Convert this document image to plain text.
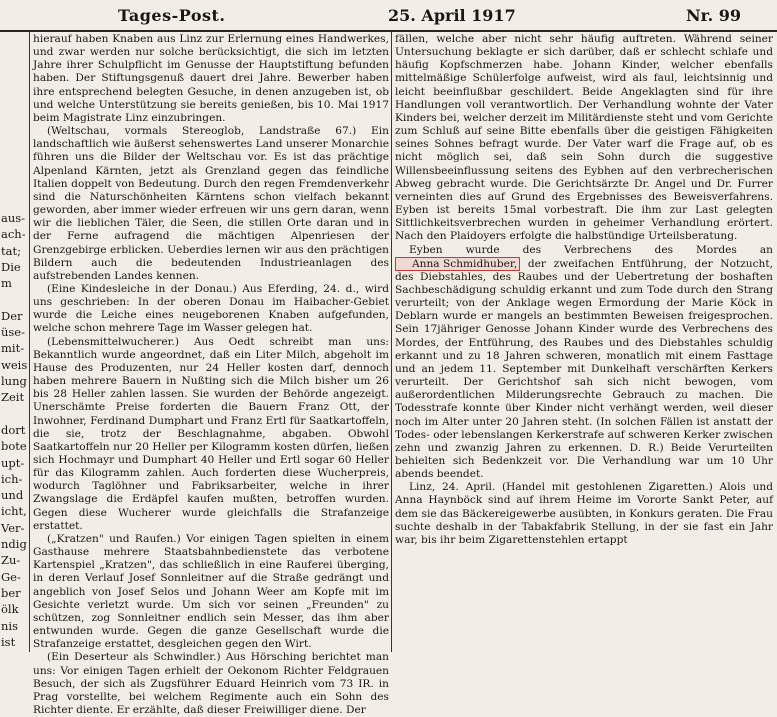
Tages-Post.	25. April 1917	Nr. 99
aus-
ach-
tat;
Die
m
Der
üse-
mit-
weis
lung
Zeit
dort
bote
upt-
ich-
und
icht,
Ver-
ndig
Zu-
Ge-
ber
ölk
nis
ist

hierauf haben Knaben aus Linz zur Erlernung eines Handwerkes, und zwar werden nur solche berücksichtigt, die sich im letzten Jahre ihrer Schulpflicht im Genusse der Hauptstiftung befunden haben. Der Stiftungsgenuß dauert drei Jahre. Bewerber haben ihre entsprechend belegten Gesuche, in denen anzugeben ist, ob und welche Unterstützung sie bereits genießen, bis 10. Mai 1917 beim Magistrate Linz einzubringen.

(Weltschau, vormals Stereoglob, Landstraße 67.) Ein landschaftlich wie äußerst sehenswertes Land unserer Monarchie führen uns die Bilder der Weltschau vor. Es ist das prächtige Alpenland Kärnten, jetzt als Grenzland gegen das feindliche Italien doppelt von Bedeutung. Durch den regen Fremdenverkehr sind die Naturschönheiten Kärntens schon vielfach bekannt geworden, aber immer wieder erfreuen wir uns gern daran, wenn wir die lieblichen Täler, die Seen, die stillen Orte daran und in der Ferne aufragend die mächtigen Alpenriesen der Grenzgebirge erblicken. Ueberdies lernen wir aus den prächtigen Bildern auch die bedeutenden Industrieanlagen des aufstrebenden Landes kennen.

(Eine Kindesleiche in der Donau.) Aus Eferding, 24. d., wird uns geschrieben: In der oberen Donau im Haibacher-Gebiet wurde die Leiche eines neugeborenen Knaben aufgefunden, welche schon mehrere Tage im Wasser gelegen hat.

(Lebensmittelwucherer.) Aus Oedt schreibt man uns: Bekanntlich wurde angeordnet, daß ein Liter Milch, abgeholt im Hause des Produzenten, nur 24 Heller kosten darf, dennoch haben mehrere Bauern in Nußting sich die Milch bisher um 26 bis 28 Heller zahlen lassen. Sie wurden der Behörde angezeigt. Unerschämte Preise forderten die Bauern Franz Ott, der Inwohner, Ferdinand Dumphart und Franz Ertl für Saatkartoffeln, die sie, trotz der Beschlagnahme, abgaben. Obwohl Saatkartoffeln nur 20 Heller per Kilogramm kosten dürfen, ließen sich Hochmayr und Dumphart 40 Heller und Ertl sogar 60 Heller für das Kilogramm zahlen. Auch forderten diese Wucherpreis, wodurch Taglöhner und Fabriksarbeiter, welche in ihrer Zwangslage die Erdäpfel kaufen mußten, betroffen wurden. Gegen diese Wucherer wurde gleichfalls die Strafanzeige erstattet.

(„Kratzen" und Raufen.) Vor einigen Tagen spielten in einem Gasthause mehrere Staatsbahnbedienstete das verbotene Kartenspiel „Kratzen", das schließlich in eine Rauferei überging, in deren Verlauf Josef Sonnleitner auf die Straße gedrängt und angeblich von Josef Selos und Johann Weer am Kopfe mit im Gesichte verletzt wurde. Um sich vor seinen „Freunden" zu schützen, zog Sonnleitner endlich sein Messer, das ihm aber entwunden wurde. Gegen die ganze Gesellschaft wurde die Strafanzeige erstattet, desgleichen gegen den Wirt.

(Ein Deserteur als Schwindler.) Aus Hörsching berichtet man uns: Vor einigen Tagen erhielt der Oekonom Richter Feldgrauen Besuch, der sich als Zugsführer Eduard Heinrich vom 73 IR. in Prag vorstellte, bei welchem Regimente auch ein Sohn des Richter diente. Er erzählte, daß dieser Freiwilliger diene. Der

fällen, welche aber nicht sehr häufig auftreten. Während seiner Untersuchung beklagte er sich darüber, daß er schlecht schlafe und häufig Kopfschmerzen habe. Johann Kinder, welcher ebenfalls mittelmäßige Schülerfolge aufweist, wird als faul, leichtsinnig und leicht beeinflußbar geschildert. Beide Angeklagten sind für ihre Handlungen voll verantwortlich. Der Verhandlung wohnte der Vater Kinders bei, welcher derzeit im Militärdienste steht und vom Gerichte zum Schluß auf seine Bitte ebenfalls über die geistigen Fähigkeiten seines Sohnes befragt wurde. Der Vater warf die Frage auf, ob es nicht möglich sei, daß sein Sohn durch die suggestive Willensbeeinflussung seitens des Eybhen auf den verbrecherischen Abweg gebracht wurde. Die Gerichtsärzte Dr. Angel und Dr. Furrer verneinten dies auf Grund des Ergebnisses des Beweisverfahrens. Eyben ist bereits 15mal vorbestraft. Die ihm zur Last gelegten Sittlichkeitsverbrechen wurden in geheimer Verhandlung erörtert. Nach den Plaidoyers erfolgte die halbstündige Urteilsberatung.

Eyben wurde des Verbrechens des Mordes an Anna Schmidhuber, der zweifachen Entführung, der Notzucht, des Diebstahles, des Raubes und der Uebertretung der boshaften Sachbeschädigung schuldig erkannt und zum Tode durch den Strang verurteilt; von der Anklage wegen Ermordung der Marie Köck in Deblarn wurde er mangels an bestimmten Beweisen freigesprochen. Sein 17jähriger Genosse Johann Kinder wurde des Verbrechens des Mordes, der Entführung, des Raubes und des Diebstahles schuldig erkannt und zu 18 Jahren schweren, monatlich mit einem Fasttage und an jedem 11. September mit Dunkelhaft verschärften Kerkers verurteilt. Der Gerichtshof sah sich nicht bewogen, vom außerordentlichen Milderungsrechte Gebrauch zu machen. Die Todesstrafe konnte über Kinder nicht verhängt werden, weil dieser noch im Alter unter 20 Jahren steht. (In solchen Fällen ist anstatt der Todes- oder lebenslangen Kerkerstrafe auf schweren Kerker zwischen zehn und zwanzig Jahren zu erkennen. D. R.) Beide Verurteilten behielten sich Bedenkzeit vor. Die Verhandlung war um 10 Uhr abends beendet.

Linz, 24. April. (Handel mit gestohlenen Zigaretten.) Alois und Anna Haynböck sind auf ihrem Heime im Vororte Sankt Peter, auf dem sie das Bäckereigewerbe ausübten, in Konkurs geraten. Die Frau suchte deshalb in der Tabakfabrik Stellung, in der sie fast ein Jahr war, bis ihr beim Zigarettenstehlen ertappt
